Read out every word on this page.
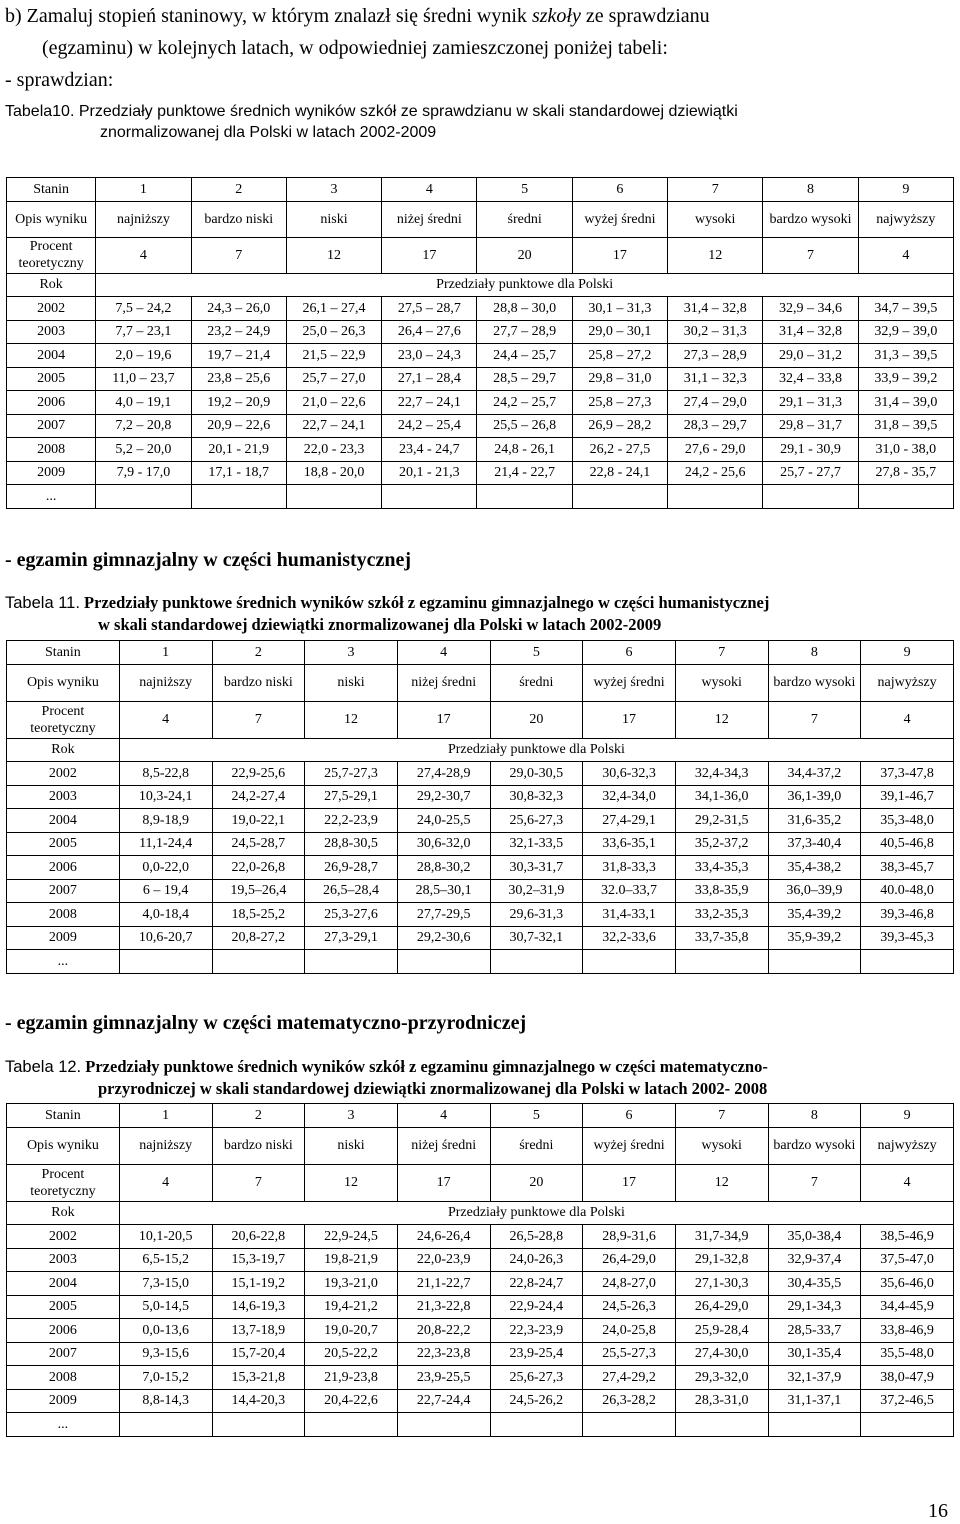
b) Zamaluj stopień staninowy, w którym znalazł się średni wynik szkoły ze sprawdzianu
(egzaminu) w kolejnych latach, w odpowiedniej zamieszczonej poniżej tabeli:
- sprawdzian:
Tabela10. Przedziały punktowe średnich wyników szkół ze sprawdzianu w skali standardowej dziewiątki
znormalizowanej dla Polski w latach 2002-2009
Stanin	1	2	3	4	5	6	7	8	9
Opis wyniku	najniższy	bardzo niski	niski	niżej średni	średni	wyżej średni	wysoki	bardzo wysoki	najwyższy
Procent teoretyczny	4	7	12	17	20	17	12	7	4
Rok	Przedziały punktowe dla Polski								
2002	7,5 – 24,2	24,3 – 26,0	26,1 – 27,4	27,5 – 28,7	28,8 – 30,0	30,1 – 31,3	31,4 – 32,8	32,9 – 34,6	34,7 – 39,5
2003	7,7 – 23,1	23,2 – 24,9	25,0 – 26,3	26,4 – 27,6	27,7 – 28,9	29,0 – 30,1	30,2 – 31,3	31,4 – 32,8	32,9 – 39,0
2004	2,0 – 19,6	19,7 – 21,4	21,5 – 22,9	23,0 – 24,3	24,4 – 25,7	25,8 – 27,2	27,3 – 28,9	29,0 – 31,2	31,3 – 39,5
2005	11,0 – 23,7	23,8 – 25,6	25,7 – 27,0	27,1 – 28,4	28,5 – 29,7	29,8 – 31,0	31,1 – 32,3	32,4 – 33,8	33,9 – 39,2
2006	4,0 – 19,1	19,2 – 20,9	21,0 – 22,6	22,7 – 24,1	24,2 – 25,7	25,8 – 27,3	27,4 – 29,0	29,1 – 31,3	31,4 – 39,0
2007	7,2 – 20,8	20,9 – 22,6	22,7 – 24,1	24,2 – 25,4	25,5 – 26,8	26,9 – 28,2	28,3 – 29,7	29,8 – 31,7	31,8 – 39,5
2008	5,2 – 20,0	20,1 - 21,9	22,0 - 23,3	23,4 - 24,7	24,8 - 26,1	26,2 - 27,5	27,6 - 29,0	29,1 - 30,9	31,0 - 38,0
2009	7,9 - 17,0	17,1 - 18,7	18,8 - 20,0	20,1 - 21,3	21,4 - 22,7	22,8 - 24,1	24,2 - 25,6	25,7 - 27,7	27,8 - 35,7
...									
- egzamin gimnazjalny w części humanistycznej
Tabela 11. Przedziały punktowe średnich wyników szkół z egzaminu gimnazjalnego w części humanistycznej
w skali standardowej dziewiątki znormalizowanej dla Polski w latach 2002-2009
Stanin	1	2	3	4	5	6	7	8	9
Opis wyniku	najniższy	bardzo niski	niski	niżej średni	średni	wyżej średni	wysoki	bardzo wysoki	najwyższy
Procent teoretyczny	4	7	12	17	20	17	12	7	4
Rok	Przedziały punktowe dla Polski								
2002	8,5-22,8	22,9-25,6	25,7-27,3	27,4-28,9	29,0-30,5	30,6-32,3	32,4-34,3	34,4-37,2	37,3-47,8
2003	10,3-24,1	24,2-27,4	27,5-29,1	29,2-30,7	30,8-32,3	32,4-34,0	34,1-36,0	36,1-39,0	39,1-46,7
2004	8,9-18,9	19,0-22,1	22,2-23,9	24,0-25,5	25,6-27,3	27,4-29,1	29,2-31,5	31,6-35,2	35,3-48,0
2005	11,1-24,4	24,5-28,7	28,8-30,5	30,6-32,0	32,1-33,5	33,6-35,1	35,2-37,2	37,3-40,4	40,5-46,8
2006	0,0-22,0	22,0-26,8	26,9-28,7	28,8-30,2	30,3-31,7	31,8-33,3	33,4-35,3	35,4-38,2	38,3-45,7
2007	6 – 19,4	19,5–26,4	26,5–28,4	28,5–30,1	30,2–31,9	32.0–33,7	33,8-35,9	36,0–39,9	40.0-48,0
2008	4,0-18,4	18,5-25,2	25,3-27,6	27,7-29,5	29,6-31,3	31,4-33,1	33,2-35,3	35,4-39,2	39,3-46,8
2009	10,6-20,7	20,8-27,2	27,3-29,1	29,2-30,6	30,7-32,1	32,2-33,6	33,7-35,8	35,9-39,2	39,3-45,3
...									
- egzamin gimnazjalny w części matematyczno-przyrodniczej
Tabela 12. Przedziały punktowe średnich wyników szkół z egzaminu gimnazjalnego w części matematyczno-
przyrodniczej w skali standardowej dziewiątki znormalizowanej dla Polski w latach 2002- 2008
Stanin	1	2	3	4	5	6	7	8	9
Opis wyniku	najniższy	bardzo niski	niski	niżej średni	średni	wyżej średni	wysoki	bardzo wysoki	najwyższy
Procent teoretyczny	4	7	12	17	20	17	12	7	4
Rok	Przedziały punktowe dla Polski								
2002	10,1-20,5	20,6-22,8	22,9-24,5	24,6-26,4	26,5-28,8	28,9-31,6	31,7-34,9	35,0-38,4	38,5-46,9
2003	6,5-15,2	15,3-19,7	19,8-21,9	22,0-23,9	24,0-26,3	26,4-29,0	29,1-32,8	32,9-37,4	37,5-47,0
2004	7,3-15,0	15,1-19,2	19,3-21,0	21,1-22,7	22,8-24,7	24,8-27,0	27,1-30,3	30,4-35,5	35,6-46,0
2005	5,0-14,5	14,6-19,3	19,4-21,2	21,3-22,8	22,9-24,4	24,5-26,3	26,4-29,0	29,1-34,3	34,4-45,9
2006	0,0-13,6	13,7-18,9	19,0-20,7	20,8-22,2	22,3-23,9	24,0-25,8	25,9-28,4	28,5-33,7	33,8-46,9
2007	9,3-15,6	15,7-20,4	20,5-22,2	22,3-23,8	23,9-25,4	25,5-27,3	27,4-30,0	30,1-35,4	35,5-48,0
2008	7,0-15,2	15,3-21,8	21,9-23,8	23,9-25,5	25,6-27,3	27,4-29,2	29,3-32,0	32,1-37,9	38,0-47,9
2009	8,8-14,3	14,4-20,3	20,4-22,6	22,7-24,4	24,5-26,2	26,3-28,2	28,3-31,0	31,1-37,1	37,2-46,5
...									
16
